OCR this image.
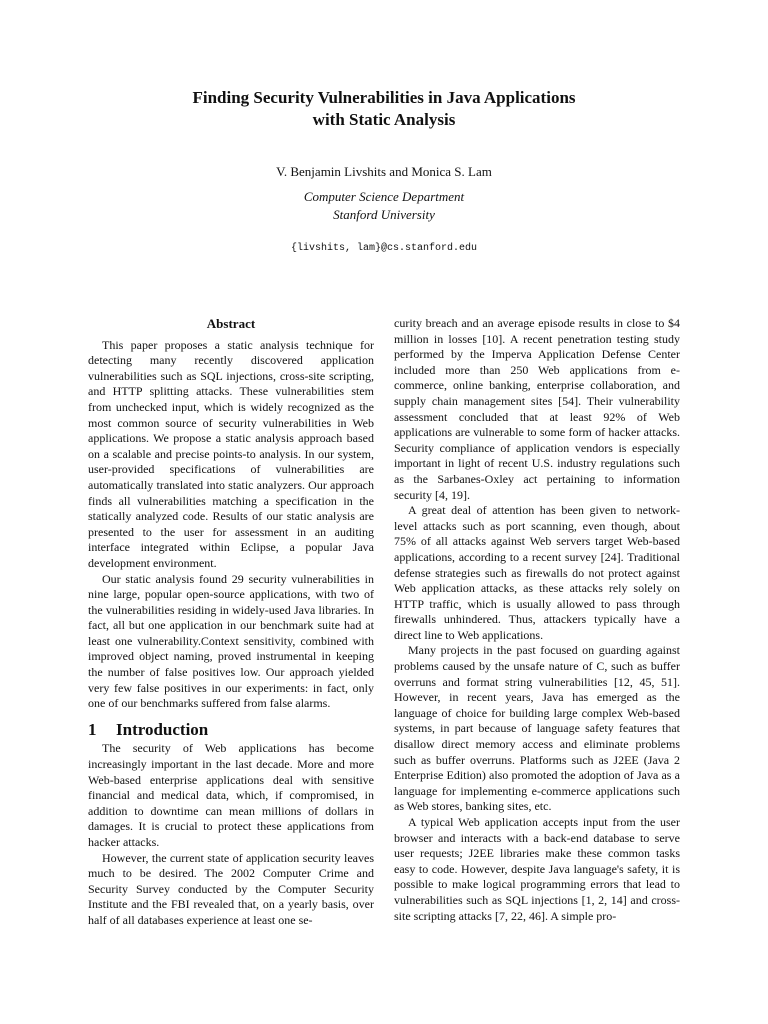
Finding Security Vulnerabilities in Java Applications
with Static Analysis
V. Benjamin Livshits and Monica S. Lam
Computer Science Department
Stanford University
{livshits, lam}@cs.stanford.edu
Abstract

This paper proposes a static analysis technique for detecting many recently discovered application vulnerabilities such as SQL injections, cross-site scripting, and HTTP splitting attacks. These vulnerabilities stem from unchecked input, which is widely recognized as the most common source of security vulnerabilities in Web applications. We propose a static analysis approach based on a scalable and precise points-to analysis. In our system, user-provided specifications of vulnerabilities are automatically translated into static analyzers. Our approach finds all vulnerabilities matching a specification in the statically analyzed code. Results of our static analysis are presented to the user for assessment in an auditing interface integrated within Eclipse, a popular Java development environment.

Our static analysis found 29 security vulnerabilities in nine large, popular open-source applications, with two of the vulnerabilities residing in widely-used Java libraries. In fact, all but one application in our benchmark suite had at least one vulnerability.Context sensitivity, combined with improved object naming, proved instrumental in keeping the number of false positives low. Our approach yielded very few false positives in our experiments: in fact, only one of our benchmarks suffered from false alarms.

1 Introduction

The security of Web applications has become increasingly important in the last decade. More and more Web-based enterprise applications deal with sensitive financial and medical data, which, if compromised, in addition to downtime can mean millions of dollars in damages. It is crucial to protect these applications from hacker attacks.

However, the current state of application security leaves much to be desired. The 2002 Computer Crime and Security Survey conducted by the Computer Security Institute and the FBI revealed that, on a yearly basis, over half of all databases experience at least one se-

curity breach and an average episode results in close to $4 million in losses [10]. A recent penetration testing study performed by the Imperva Application Defense Center included more than 250 Web applications from e-commerce, online banking, enterprise collaboration, and supply chain management sites [54]. Their vulnerability assessment concluded that at least 92% of Web applications are vulnerable to some form of hacker attacks. Security compliance of application vendors is especially important in light of recent U.S. industry regulations such as the Sarbanes-Oxley act pertaining to information security [4, 19].

A great deal of attention has been given to network-level attacks such as port scanning, even though, about 75% of all attacks against Web servers target Web-based applications, according to a recent survey [24]. Traditional defense strategies such as firewalls do not protect against Web application attacks, as these attacks rely solely on HTTP traffic, which is usually allowed to pass through firewalls unhindered. Thus, attackers typically have a direct line to Web applications.

Many projects in the past focused on guarding against problems caused by the unsafe nature of C, such as buffer overruns and format string vulnerabilities [12, 45, 51]. However, in recent years, Java has emerged as the language of choice for building large complex Web-based systems, in part because of language safety features that disallow direct memory access and eliminate problems such as buffer overruns. Platforms such as J2EE (Java 2 Enterprise Edition) also promoted the adoption of Java as a language for implementing e-commerce applications such as Web stores, banking sites, etc.

A typical Web application accepts input from the user browser and interacts with a back-end database to serve user requests; J2EE libraries make these common tasks easy to code. However, despite Java language's safety, it is possible to make logical programming errors that lead to vulnerabilities such as SQL injections [1, 2, 14] and cross-site scripting attacks [7, 22, 46]. A simple pro-
